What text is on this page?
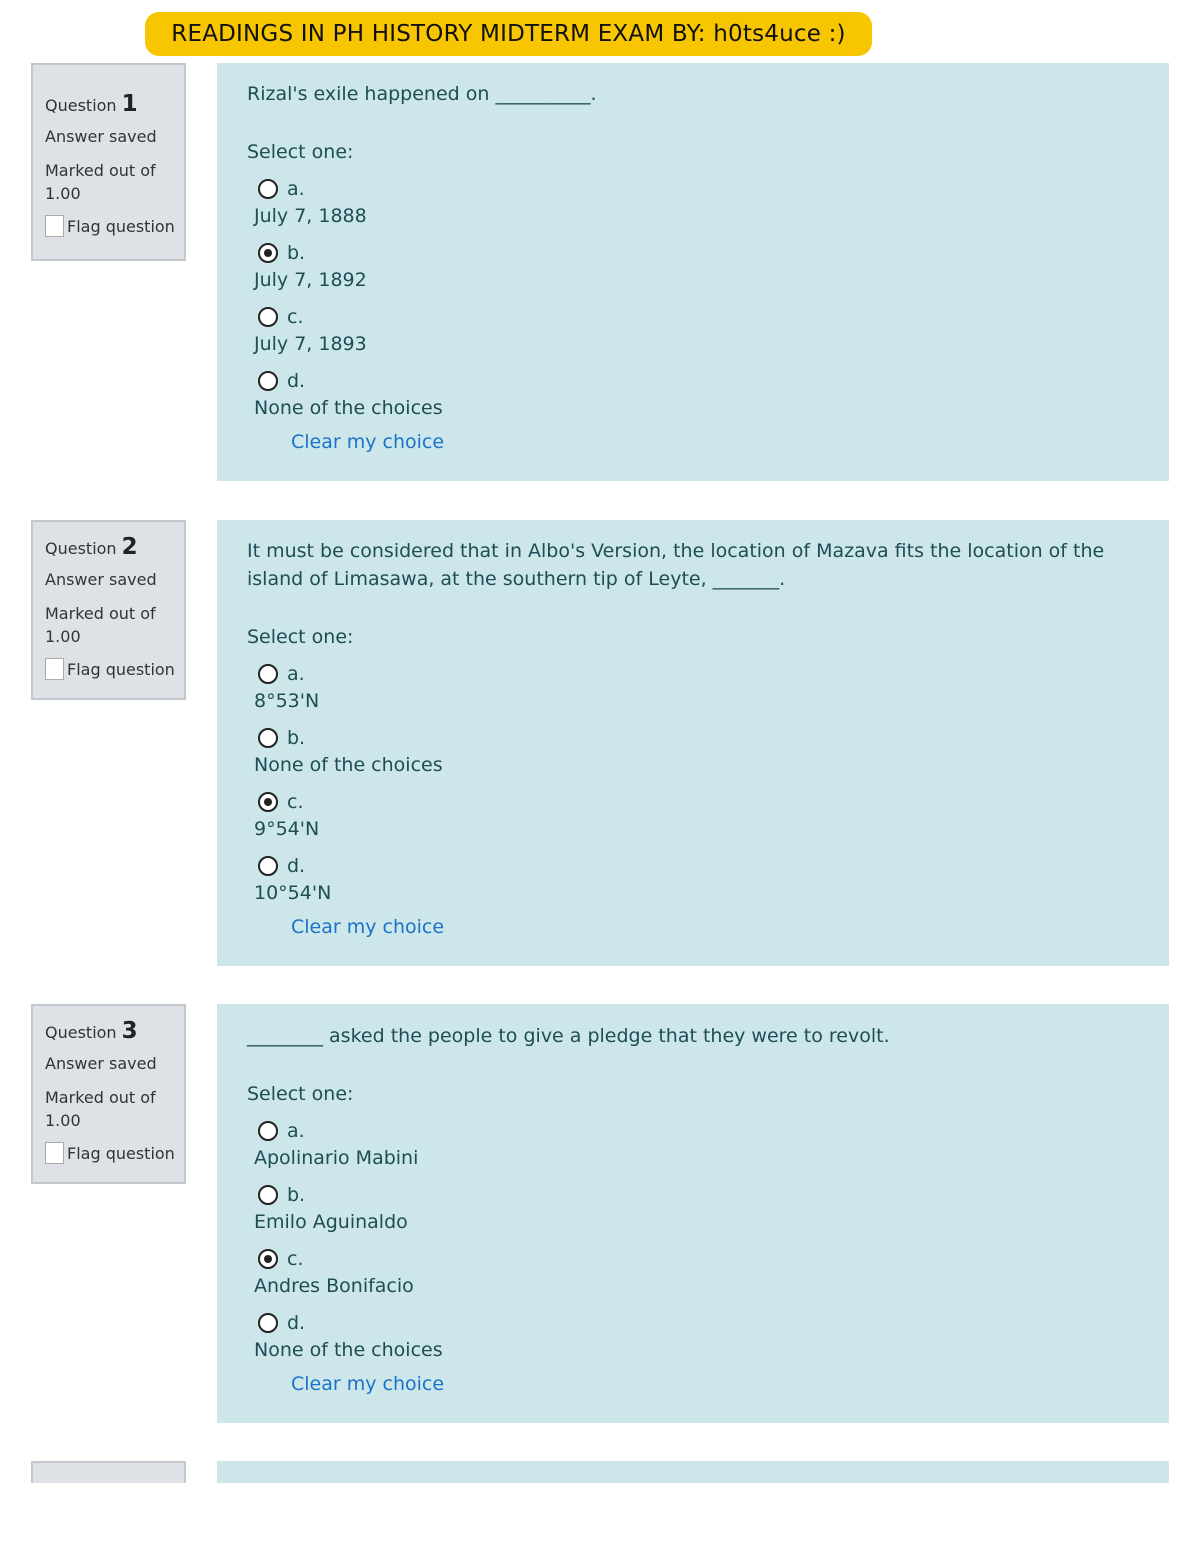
READINGS IN PH HISTORY MIDTERM EXAM BY: h0ts4uce :)
Question 1
Answer saved
Marked out of 1.00
Flag question
Rizal's exile happened on __________.
Select one:
a.
July 7, 1888
b.
July 7, 1892
c.
July 7, 1893
d.
None of the choices
Clear my choice
Question 2
Answer saved
Marked out of 1.00
Flag question
It must be considered that in Albo's Version, the location of Mazava fits the location of the island of Limasawa, at the southern tip of Leyte, _______.
Select one:
a.
8°53'N
b.
None of the choices
c.
9°54'N
d.
10°54'N
Clear my choice
Question 3
Answer saved
Marked out of 1.00
Flag question
________ asked the people to give a pledge that they were to revolt.
Select one:
a.
Apolinario Mabini
b.
Emilo Aguinaldo
c.
Andres Bonifacio
d.
None of the choices
Clear my choice
